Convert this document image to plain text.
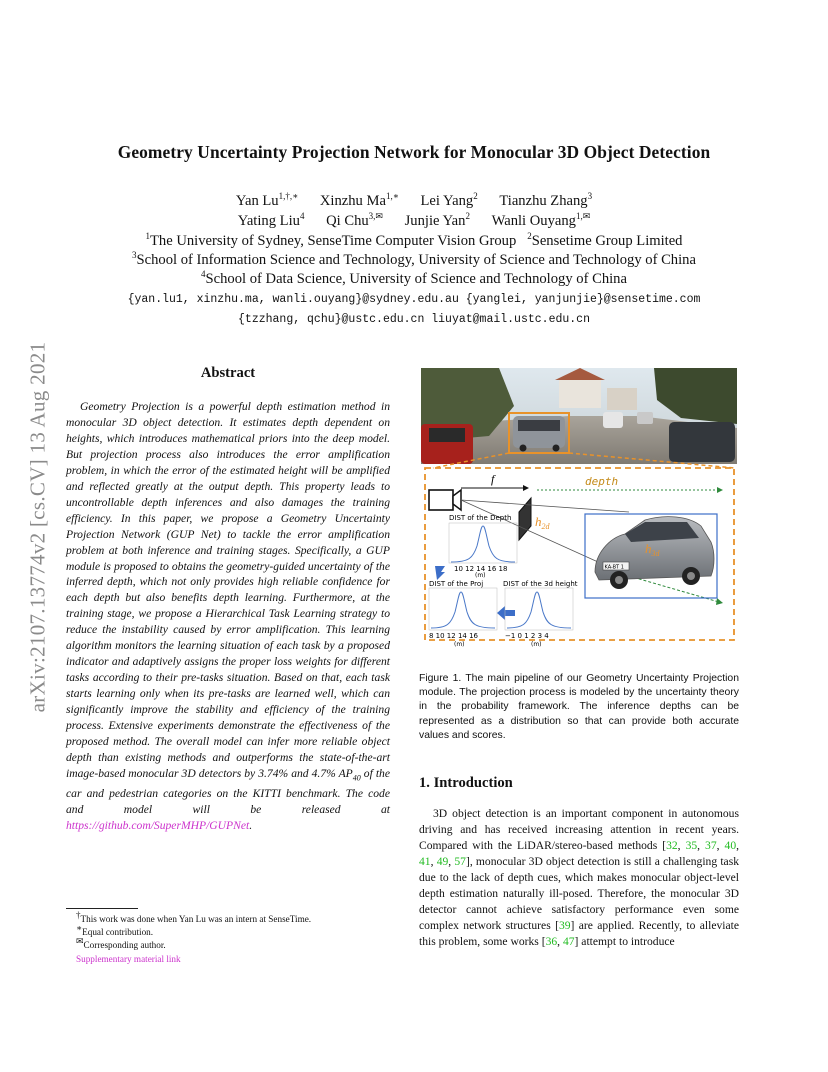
Geometry Uncertainty Projection Network for Monocular 3D Object Detection
Yan $Lu^{1,\dagger,∗}$ Xinzhu $Ma^{1,∗}$ Lei Yang$^2$ Tianzhu Zhang$^3$
Yating Liu$^4$ Qi Chu$^{3,✉}$ Junjie Yan$^2$ Wanli Ouyang$^{1,✉}$
$^1$The University of Sydney, SenseTime Computer Vision Group $^2$Sensetime Group Limited
$^3$School of Information Science and Technology, University of Science and Technology of China
$^4$School of Data Science, University of Science and Technology of China
{yan.lu1, xinzhu.ma, wanli.ouyang}@sydney.edu.au {yanglei, yanjunjie}@sensetime.com
{tzzhang, qchu}@ustc.edu.cn liuyat@mail.ustc.edu.cn
arXiv:2107.13774v2 [cs.CV] 13 Aug 2021	Abstract
Geometry Projection is a powerful depth estimation method in monocular 3D object detection. It estimates depth dependent on heights, which introduces mathematical priors into the deep model. But projection process also introduces the error amplification problem, in which the error of the estimated height will be amplified and reflected greatly at the output depth. This property leads to uncontrollable depth inferences and also damages the training efficiency. In this paper, we propose a Geometry Uncertainty Projection Network (GUP Net) to tackle the error amplification problem at both inference and training stages. Specifically, a GUP module is proposed to obtains the geometry-guided uncertainty of the inferred depth, which not only provides high reliable confidence for each depth but also benefits depth learning. Furthermore, at the training stage, we propose a Hierarchical Task Learning strategy to reduce the instability caused by error amplification. This learning algorithm monitors the learning situation of each task by a proposed indicator and adaptively assigns the proper loss weights for different tasks according to their pre-tasks situation. Based on that, each task starts learning only when its pre-tasks are learned well, which can significantly improve the stability and efficiency of the training process. Extensive experiments demonstrate the effectiveness of the proposed method. The overall model can infer more reliable object depth than existing methods and outperforms the state-of-the-art image-based monocular 3D detectors by 3.74% and 4.7% $AP_{40}$ of the car and pedestrian categories on the KITTI benchmark. The code and model will be released at https://github.com/SuperMHP/GUPNet.
†This work was done when Yan Lu was an intern at SenseTime.
∗Equal contribution.
✉Corresponding author.
Supplementary material link
f	depth
$h_{2d}$
KA-BT 1
$h_{3d}$
DIST of the Depth
10 12 14 16 18
(m)
DIST of the Proj
8 10 12 14 16
(m)
DIST of the 3d height
−1 0 1 2 3 4
(m)
Figure 1. The main pipeline of our Geometry Uncertainty Projection module. The projection process is modeled by the uncertainty theory in the probability framework. The inference depths can be represented as a distribution so that can provide both accurate values and scores.
1. Introduction
3D object detection is an important component in autonomous driving and has received increasing attention in recent years. Compared with the LiDAR/stereo-based methods [32, 35, 37, 40, 41, 49, 57], monocular 3D object detection is still a challenging task due to the lack of depth cues, which makes monocular object-level depth estimation naturally ill-posed. Therefore, the monocular 3D detector cannot achieve satisfactory performance even some complex network structures [39] are applied. Recently, to alleviate this problem, some works [36, 47] attempt to introduce
